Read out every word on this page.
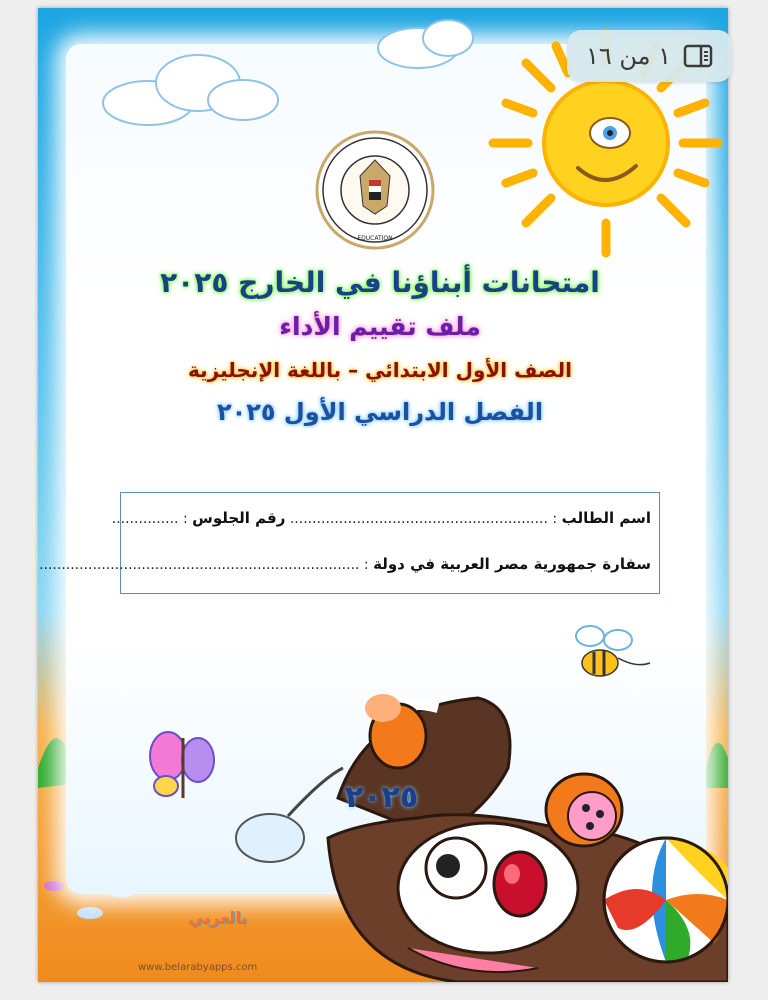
EDUCATION
بالعربي
www.belarabyapps.com
١ من ١٦
امتحانات أبناؤنا في الخارج ٢٠٢٥
ملف تقييم الأداء
الصف الأول الابتدائي – باللغة الإنجليزية
الفصل الدراسي الأول ٢٠٢٥
اسم الطالب : .......................................................... رقم الجلوس : ...............
سفارة جمهورية مصر العربية في دولة : ........................................................................
٢٠٢٥
